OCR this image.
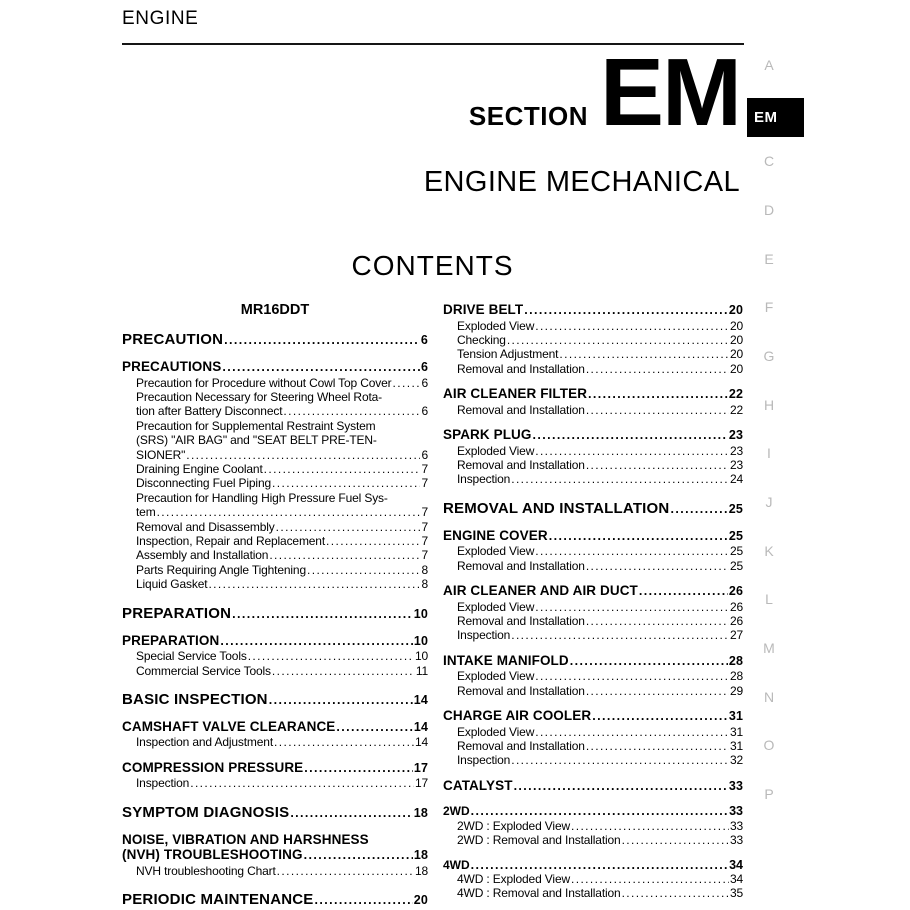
ENGINE
SECTION EM
ENGINE MECHANICAL
EM
A
C
D
E
F
G
H
I
J
K
L
M
N
O
P
CONTENTS
MR16DDT
PRECAUTION .....	6
PRECAUTIONS .....	6
Precaution for Procedure without Cowl Top Cover ..... 6
Precaution Necessary for Steering Wheel Rota-
tion after Battery Disconnect .....	6
Precaution for Supplemental Restraint System
(SRS) "AIR BAG" and "SEAT BELT PRE-TEN-
SIONER" .....	6
Draining Engine Coolant .....	7
Disconnecting Fuel Piping .....	7
Precaution for Handling High Pressure Fuel Sys-
tem .....	7
Removal and Disassembly .....	7
Inspection, Repair and Replacement .....	7
Assembly and Installation .....	7
Parts Requiring Angle Tightening .....	8
Liquid Gasket .....	8
PREPARATION .....	10
PREPARATION .....	10
Special Service Tools .....	10
Commercial Service Tools .....	11
BASIC INSPECTION .....	14
CAMSHAFT VALVE CLEARANCE .....	14
Inspection and Adjustment .....	14
COMPRESSION PRESSURE .....	17
Inspection .....	17
SYMPTOM DIAGNOSIS .....	18
NOISE, VIBRATION AND HARSHNESS
(NVH) TROUBLESHOOTING .....	18
NVH troubleshooting Chart .....	18
PERIODIC MAINTENANCE .....	20
DRIVE BELT .....	20
Exploded View .....	20
Checking .....	20
Tension Adjustment .....	20
Removal and Installation .....	20
AIR CLEANER FILTER .....	22
Removal and Installation .....	22
SPARK PLUG .....	23
Exploded View .....	23
Removal and Installation .....	23
Inspection .....	24
REMOVAL AND INSTALLATION .....	25
ENGINE COVER .....	25
Exploded View .....	25
Removal and Installation .....	25
AIR CLEANER AND AIR DUCT .....	26
Exploded View .....	26
Removal and Installation .....	26
Inspection .....	27
INTAKE MANIFOLD .....	28
Exploded View .....	28
Removal and Installation .....	29
CHARGE AIR COOLER .....	31
Exploded View .....	31
Removal and Installation .....	31
Inspection .....	32
CATALYST .....	33
2WD .....	33
2WD : Exploded View .....	33
2WD : Removal and Installation .....	33
4WD .....	34
4WD : Exploded View .....	34
4WD : Removal and Installation .....	35
